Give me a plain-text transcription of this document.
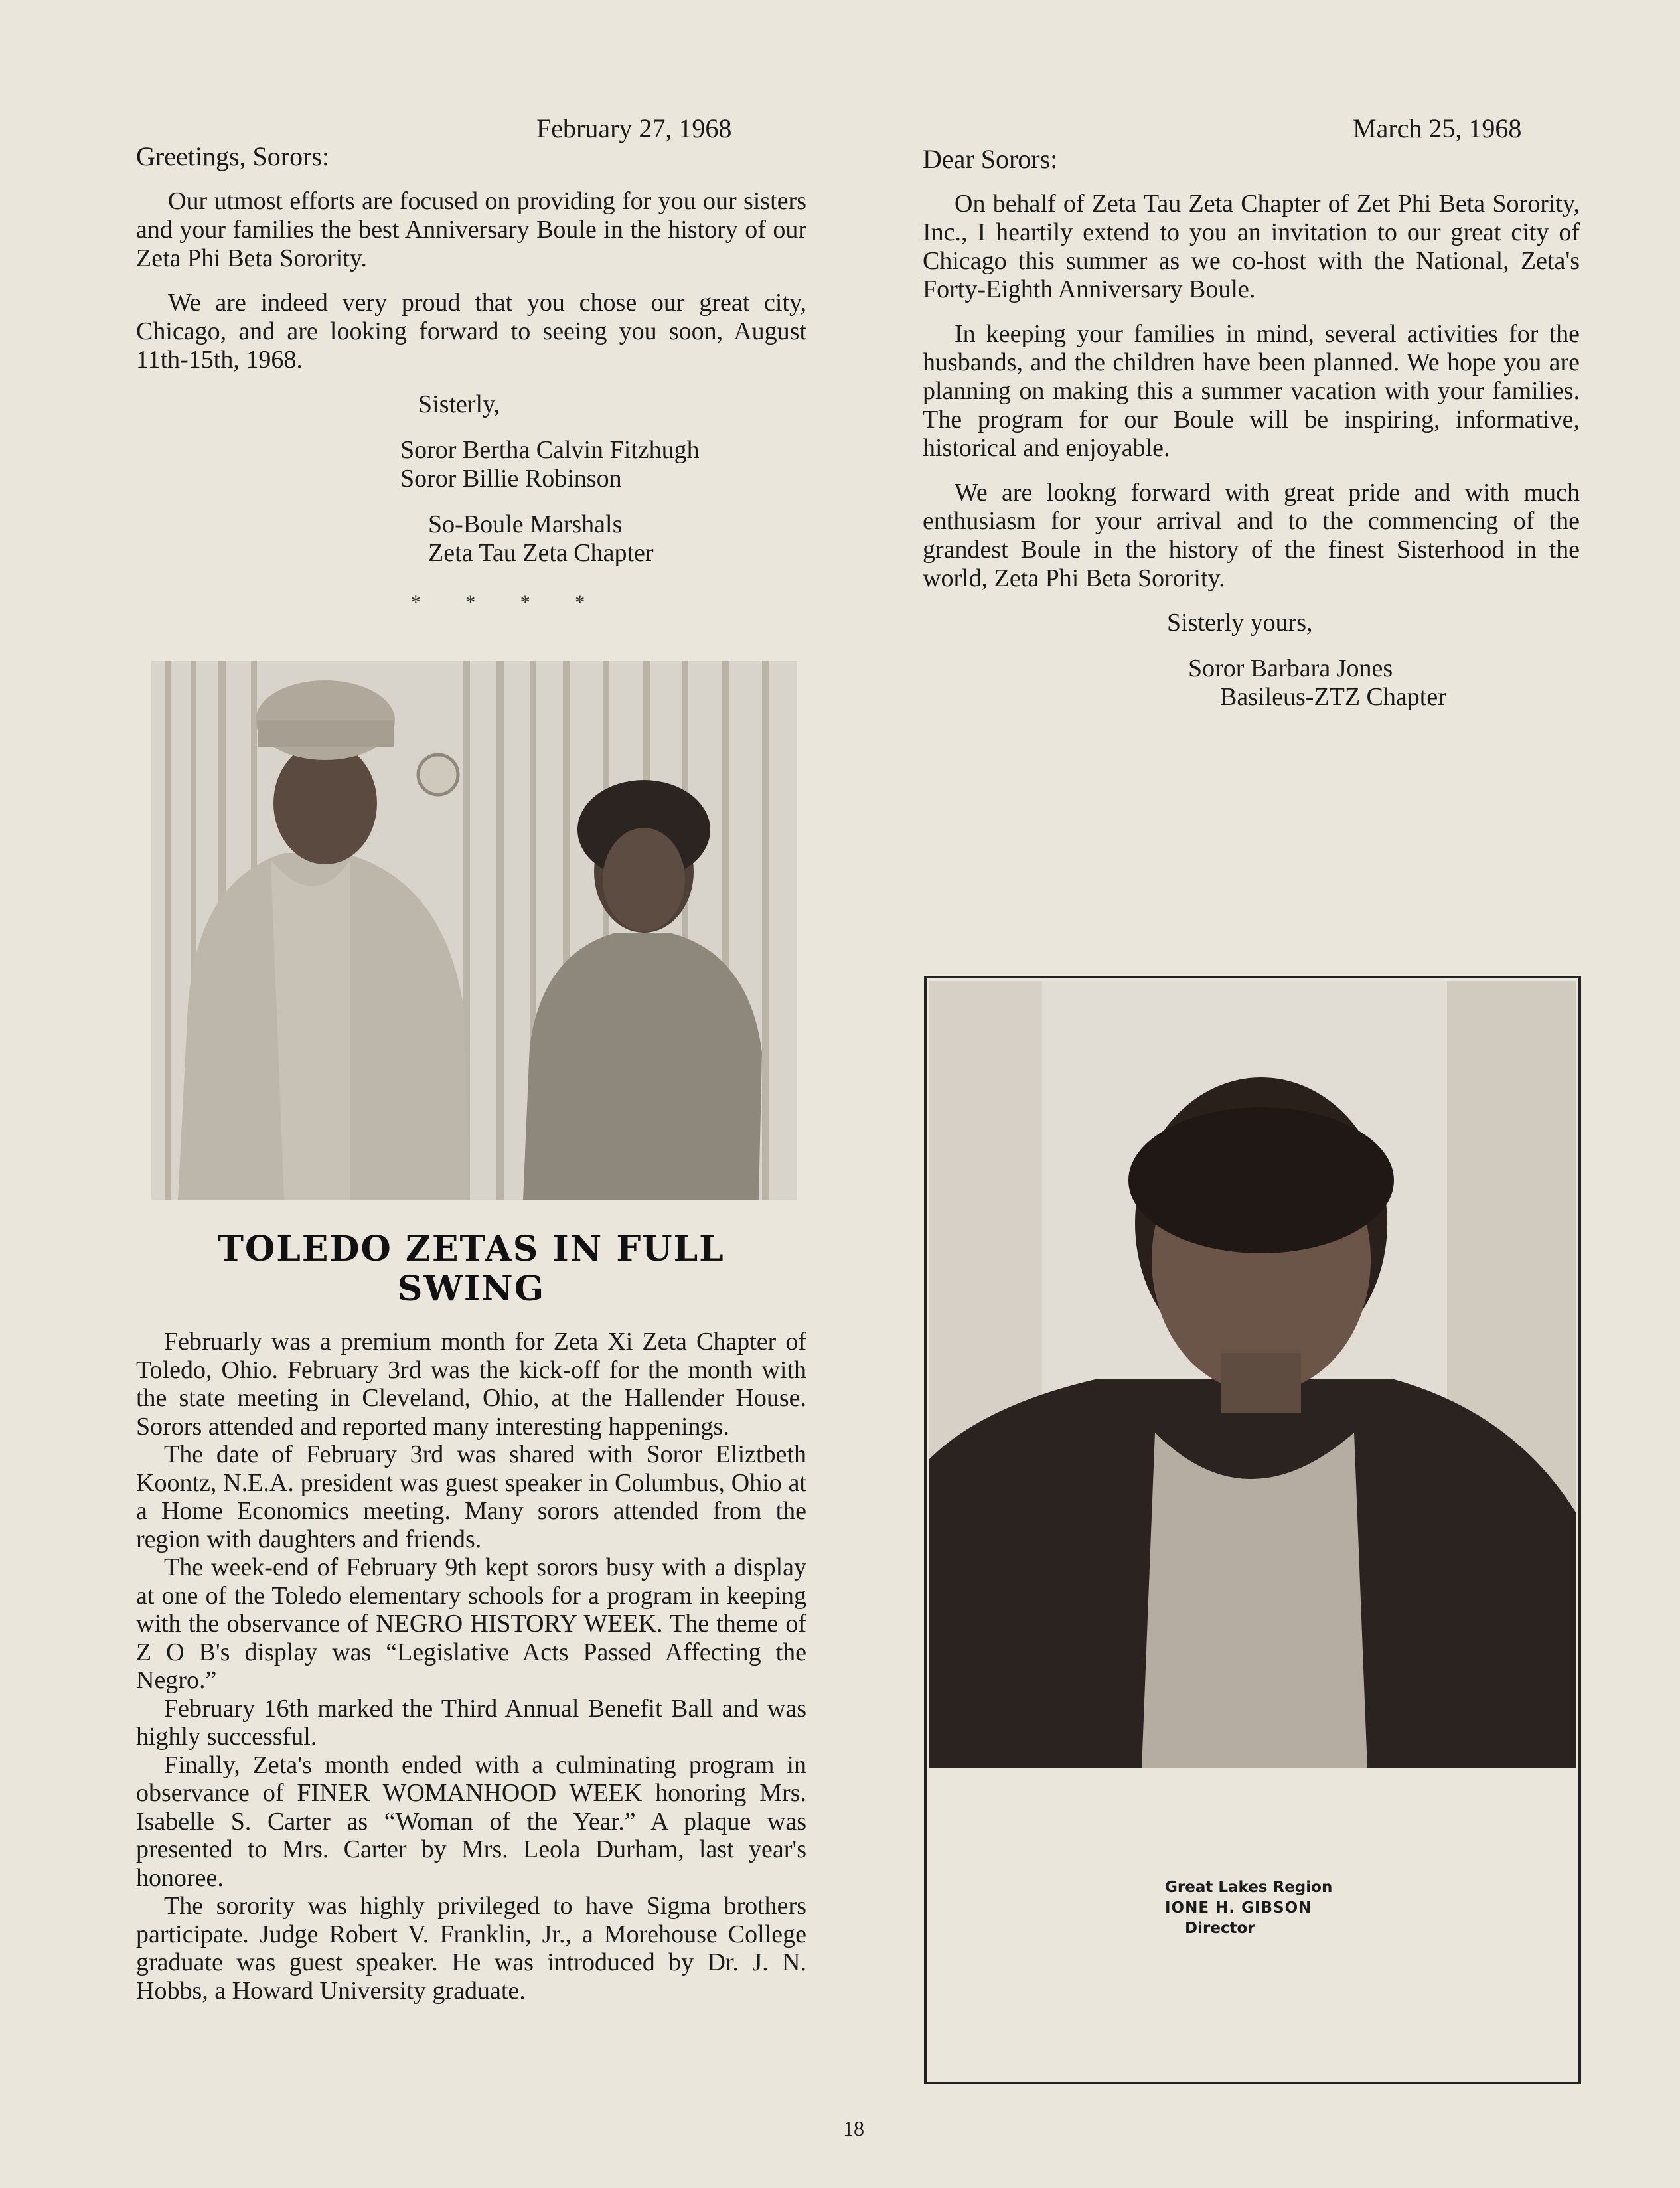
February 27, 1968
Greetings, Sorors:

Our utmost efforts are focused on providing for you our sisters and your families the best Anniversary Boule in the history of our Zeta Phi Beta Sorority.

We are indeed very proud that you chose our great city, Chicago, and are looking forward to seeing you soon, August 11th-15th, 1968.

Sisterly,
Soror Bertha Calvin Fitzhugh
Soror Billie Robinson
So-Boule Marshals
Zeta Tau Zeta Chapter
* * * *
March 25, 1968
Dear Sorors:

On behalf of Zeta Tau Zeta Chapter of Zet Phi Beta Sorority, Inc., I heartily extend to you an invitation to our great city of Chicago this summer as we co-host with the National, Zeta's Forty-Eighth Anniversary Boule.

In keeping your families in mind, several activities for the husbands, and the children have been planned. We hope you are planning on making this a summer vacation with your families. The program for our Boule will be inspiring, informative, historical and enjoyable.

We are lookng forward with great pride and with much enthusiasm for your arrival and to the commencing of the grandest Boule in the history of the finest Sisterhood in the world, Zeta Phi Beta Sorority.

Sisterly yours,
Soror Barbara Jones
Basileus-ZTZ Chapter
TOLEDO ZETAS IN FULL
SWING

Februarly was a premium month for Zeta Xi Zeta Chapter of Toledo, Ohio. February 3rd was the kick-off for the month with the state meeting in Cleveland, Ohio, at the Hallender House. Sorors attended and reported many interesting happenings.

The date of February 3rd was shared with Soror Eliztbeth Koontz, N.E.A. president was guest speaker in Columbus, Ohio at a Home Economics meeting. Many sorors attended from the region with daughters and friends.

The week-end of February 9th kept sorors busy with a display at one of the Toledo elementary schools for a program in keeping with the observance of NEGRO HISTORY WEEK. The theme of Z O B's display was “Legislative Acts Passed Affecting the Negro.”

February 16th marked the Third Annual Benefit Ball and was highly successful.

Finally, Zeta's month ended with a culminating program in observance of FINER WOMANHOOD WEEK honoring Mrs. Isabelle S. Carter as “Woman of the Year.” A plaque was presented to Mrs. Carter by Mrs. Leola Durham, last year's honoree.

The sorority was highly privileged to have Sigma brothers participate. Judge Robert V. Franklin, Jr., a Morehouse College graduate was guest speaker. He was introduced by Dr. J. N. Hobbs, a Howard University graduate.

Great Lakes Region
IONE H. GIBSON
Director
18
